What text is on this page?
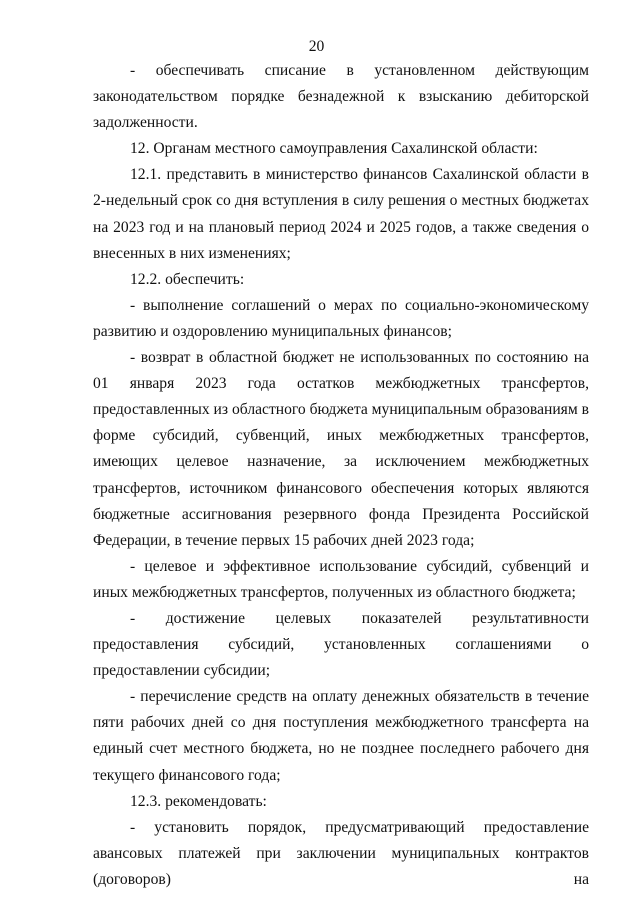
20

- обеспечивать списание в установленном действующим законодательством порядке безнадежной к взысканию дебиторской задолженности.

12. Органам местного самоуправления Сахалинской области:

12.1. представить в министерство финансов Сахалинской области в 2-недельный срок со дня вступления в силу решения о местных бюджетах на 2023 год и на плановый период 2024 и 2025 годов, а также сведения о внесенных в них изменениях;

12.2. обеспечить:

- выполнение соглашений о мерах по социально-экономическому развитию и оздоровлению муниципальных финансов;

- возврат в областной бюджет не использованных по состоянию на 01 января 2023 года остатков межбюджетных трансфертов, предоставленных из областного бюджета муниципальным образованиям в форме субсидий, субвенций, иных межбюджетных трансфертов, имеющих целевое назначение, за исключением межбюджетных трансфертов, источником финансового обеспечения которых являются бюджетные ассигнования резервного фонда Президента Российской Федерации, в течение первых 15 рабочих дней 2023 года;

- целевое и эффективное использование субсидий, субвенций и иных межбюджетных трансфертов, полученных из областного бюджета;

- достижение целевых показателей результативности предоставления субсидий, установленных соглашениями о предоставлении субсидии;

- перечисление средств на оплату денежных обязательств в течение пяти рабочих дней со дня поступления межбюджетного трансферта на единый счет местного бюджета, но не позднее последнего рабочего дня текущего финансового года;

12.3. рекомендовать:

- установить порядок, предусматривающий предоставление авансовых платежей при заключении муниципальных контрактов (договоров) на
